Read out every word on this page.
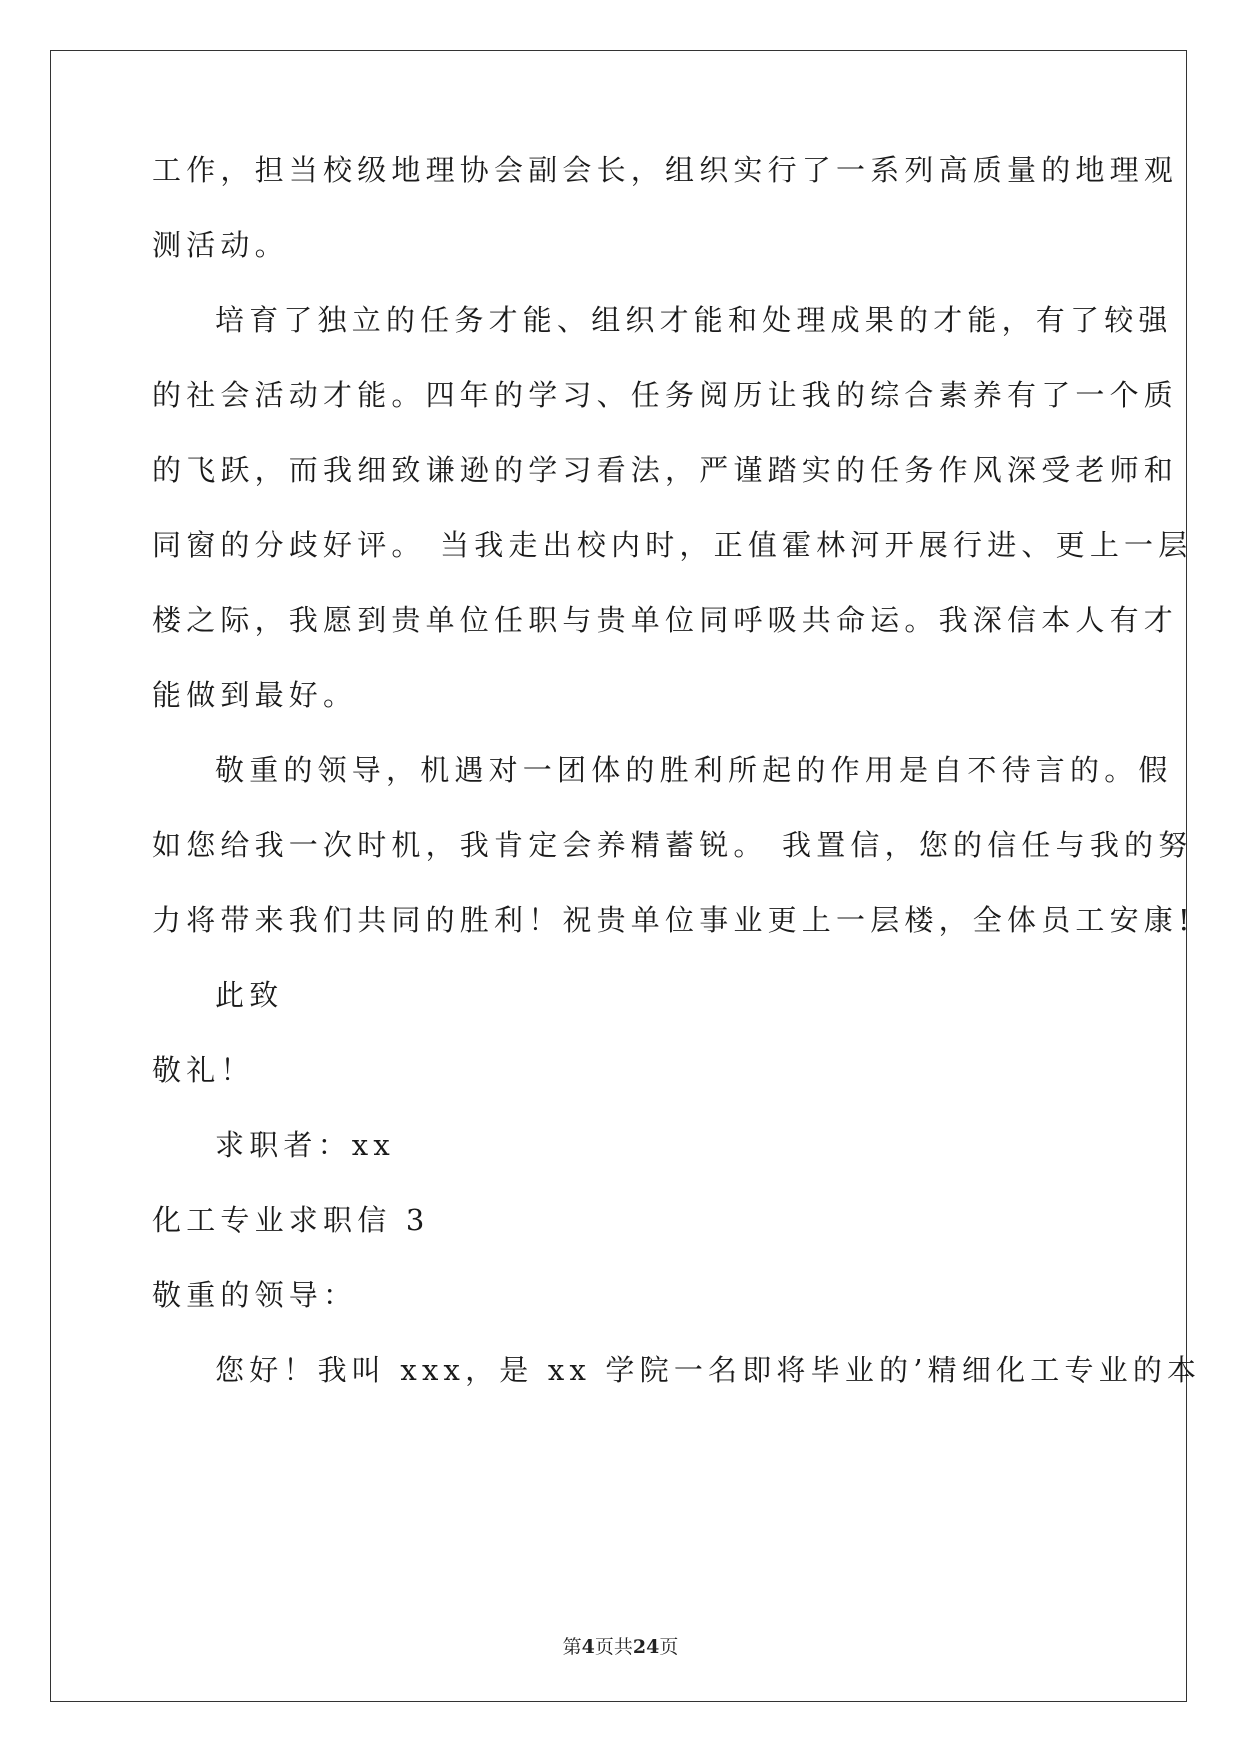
工作，担当校级地理协会副会长，组织实行了一系列高质量的地理观
测活动。
培育了独立的任务才能、组织才能和处理成果的才能，有了较强
的社会活动才能。四年的学习、任务阅历让我的综合素养有了一个质
的飞跃，而我细致谦逊的学习看法，严谨踏实的任务作风深受老师和
同窗的分歧好评。 当我走出校内时，正值霍林河开展行进、更上一层
楼之际，我愿到贵单位任职与贵单位同呼吸共命运。我深信本人有才
能做到最好。
敬重的领导，机遇对一团体的胜利所起的作用是自不待言的。假
如您给我一次时机，我肯定会养精蓄锐。 我置信，您的信任与我的努
力将带来我们共同的胜利！祝贵单位事业更上一层楼，全体员工安康!
此致
敬礼！
求职者：xx
化工专业求职信 3
敬重的领导：
您好！我叫 xxx，是 xx 学院一名即将毕业的’精细化工专业的本
第4页共24页
